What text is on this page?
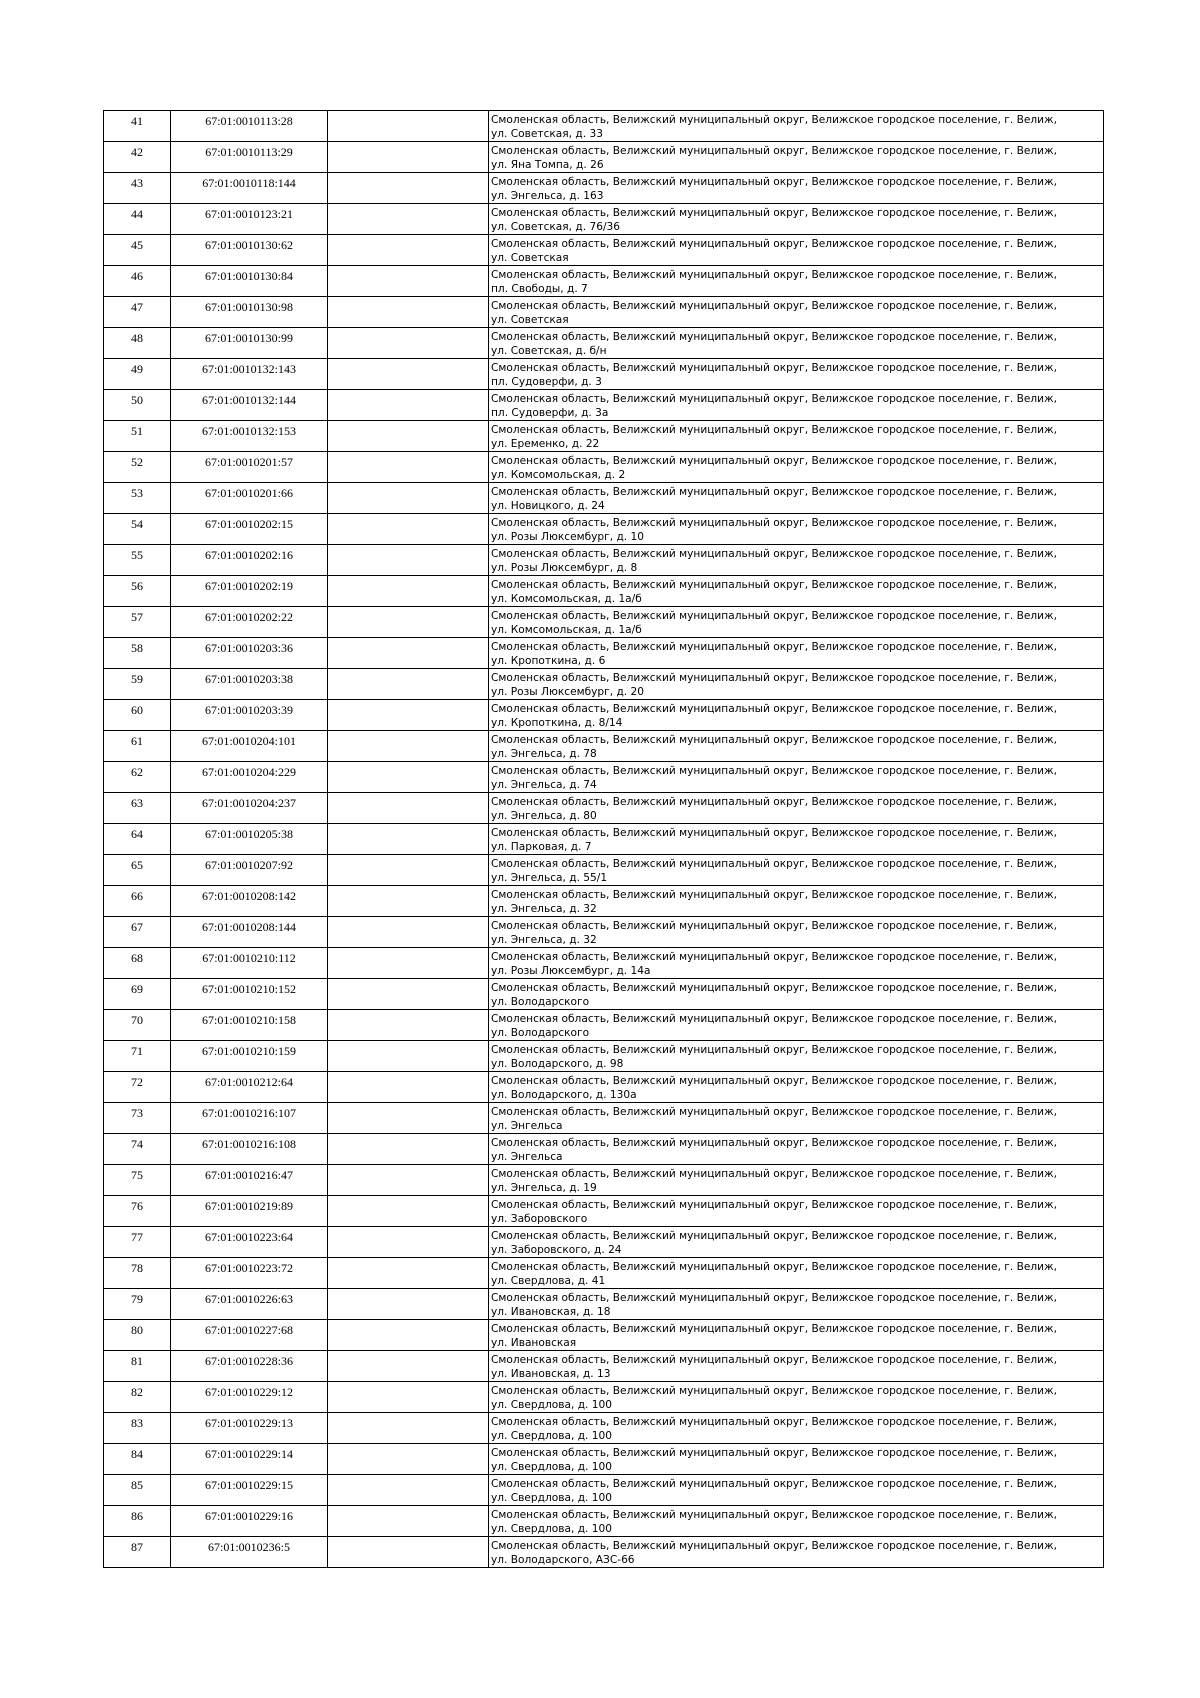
41	67:01:0010113:28		Смоленская область, Велижский муниципальный округ, Велижское городское поселение, г. Велиж,
ул. Советская, д. 33

42	67:01:0010113:29		Смоленская область, Велижский муниципальный округ, Велижское городское поселение, г. Велиж,
ул. Яна Томпа, д. 26

43	67:01:0010118:144		Смоленская область, Велижский муниципальный округ, Велижское городское поселение, г. Велиж,
ул. Энгельса, д. 163

44	67:01:0010123:21		Смоленская область, Велижский муниципальный округ, Велижское городское поселение, г. Велиж,
ул. Советская, д. 76/36

45	67:01:0010130:62		Смоленская область, Велижский муниципальный округ, Велижское городское поселение, г. Велиж,
ул. Советская

46	67:01:0010130:84		Смоленская область, Велижский муниципальный округ, Велижское городское поселение, г. Велиж,
пл. Свободы, д. 7

47	67:01:0010130:98		Смоленская область, Велижский муниципальный округ, Велижское городское поселение, г. Велиж,
ул. Советская

48	67:01:0010130:99		Смоленская область, Велижский муниципальный округ, Велижское городское поселение, г. Велиж,
ул. Советская, д. б/н

49	67:01:0010132:143		Смоленская область, Велижский муниципальный округ, Велижское городское поселение, г. Велиж,
пл. Судоверфи, д. 3

50	67:01:0010132:144		Смоленская область, Велижский муниципальный округ, Велижское городское поселение, г. Велиж,
пл. Судоверфи, д. 3а

51	67:01:0010132:153		Смоленская область, Велижский муниципальный округ, Велижское городское поселение, г. Велиж,
ул. Еременко, д. 22

52	67:01:0010201:57		Смоленская область, Велижский муниципальный округ, Велижское городское поселение, г. Велиж,
ул. Комсомольская, д. 2

53	67:01:0010201:66		Смоленская область, Велижский муниципальный округ, Велижское городское поселение, г. Велиж,
ул. Новицкого, д. 24

54	67:01:0010202:15		Смоленская область, Велижский муниципальный округ, Велижское городское поселение, г. Велиж,
ул. Розы Люксембург, д. 10

55	67:01:0010202:16		Смоленская область, Велижский муниципальный округ, Велижское городское поселение, г. Велиж,
ул. Розы Люксембург, д. 8

56	67:01:0010202:19		Смоленская область, Велижский муниципальный округ, Велижское городское поселение, г. Велиж,
ул. Комсомольская, д. 1а/б

57	67:01:0010202:22		Смоленская область, Велижский муниципальный округ, Велижское городское поселение, г. Велиж,
ул. Комсомольская, д. 1а/б

58	67:01:0010203:36		Смоленская область, Велижский муниципальный округ, Велижское городское поселение, г. Велиж,
ул. Кропоткина, д. 6

59	67:01:0010203:38		Смоленская область, Велижский муниципальный округ, Велижское городское поселение, г. Велиж,
ул. Розы Люксембург, д. 20

60	67:01:0010203:39		Смоленская область, Велижский муниципальный округ, Велижское городское поселение, г. Велиж,
ул. Кропоткина, д. 8/14

61	67:01:0010204:101		Смоленская область, Велижский муниципальный округ, Велижское городское поселение, г. Велиж,
ул. Энгельса, д. 78

62	67:01:0010204:229		Смоленская область, Велижский муниципальный округ, Велижское городское поселение, г. Велиж,
ул. Энгельса, д. 74

63	67:01:0010204:237		Смоленская область, Велижский муниципальный округ, Велижское городское поселение, г. Велиж,
ул. Энгельса, д. 80

64	67:01:0010205:38		Смоленская область, Велижский муниципальный округ, Велижское городское поселение, г. Велиж,
ул. Парковая, д. 7

65	67:01:0010207:92		Смоленская область, Велижский муниципальный округ, Велижское городское поселение, г. Велиж,
ул. Энгельса, д. 55/1

66	67:01:0010208:142		Смоленская область, Велижский муниципальный округ, Велижское городское поселение, г. Велиж,
ул. Энгельса, д. 32

67	67:01:0010208:144		Смоленская область, Велижский муниципальный округ, Велижское городское поселение, г. Велиж,
ул. Энгельса, д. 32

68	67:01:0010210:112		Смоленская область, Велижский муниципальный округ, Велижское городское поселение, г. Велиж,
ул. Розы Люксембург, д. 14а

69	67:01:0010210:152		Смоленская область, Велижский муниципальный округ, Велижское городское поселение, г. Велиж,
ул. Володарского

70	67:01:0010210:158		Смоленская область, Велижский муниципальный округ, Велижское городское поселение, г. Велиж,
ул. Володарского

71	67:01:0010210:159		Смоленская область, Велижский муниципальный округ, Велижское городское поселение, г. Велиж,
ул. Володарского, д. 98

72	67:01:0010212:64		Смоленская область, Велижский муниципальный округ, Велижское городское поселение, г. Велиж,
ул. Володарского, д. 130а

73	67:01:0010216:107		Смоленская область, Велижский муниципальный округ, Велижское городское поселение, г. Велиж,
ул. Энгельса

74	67:01:0010216:108		Смоленская область, Велижский муниципальный округ, Велижское городское поселение, г. Велиж,
ул. Энгельса

75	67:01:0010216:47		Смоленская область, Велижский муниципальный округ, Велижское городское поселение, г. Велиж,
ул. Энгельса, д. 19

76	67:01:0010219:89		Смоленская область, Велижский муниципальный округ, Велижское городское поселение, г. Велиж,
ул. Заборовского

77	67:01:0010223:64		Смоленская область, Велижский муниципальный округ, Велижское городское поселение, г. Велиж,
ул. Заборовского, д. 24

78	67:01:0010223:72		Смоленская область, Велижский муниципальный округ, Велижское городское поселение, г. Велиж,
ул. Свердлова, д. 41

79	67:01:0010226:63		Смоленская область, Велижский муниципальный округ, Велижское городское поселение, г. Велиж,
ул. Ивановская, д. 18

80	67:01:0010227:68		Смоленская область, Велижский муниципальный округ, Велижское городское поселение, г. Велиж,
ул. Ивановская

81	67:01:0010228:36		Смоленская область, Велижский муниципальный округ, Велижское городское поселение, г. Велиж,
ул. Ивановская, д. 13

82	67:01:0010229:12		Смоленская область, Велижский муниципальный округ, Велижское городское поселение, г. Велиж,
ул. Свердлова, д. 100

83	67:01:0010229:13		Смоленская область, Велижский муниципальный округ, Велижское городское поселение, г. Велиж,
ул. Свердлова, д. 100

84	67:01:0010229:14		Смоленская область, Велижский муниципальный округ, Велижское городское поселение, г. Велиж,
ул. Свердлова, д. 100

85	67:01:0010229:15		Смоленская область, Велижский муниципальный округ, Велижское городское поселение, г. Велиж,
ул. Свердлова, д. 100

86	67:01:0010229:16		Смоленская область, Велижский муниципальный округ, Велижское городское поселение, г. Велиж,
ул. Свердлова, д. 100

87	67:01:0010236:5		Смоленская область, Велижский муниципальный округ, Велижское городское поселение, г. Велиж,
ул. Володарского, АЗС-66
